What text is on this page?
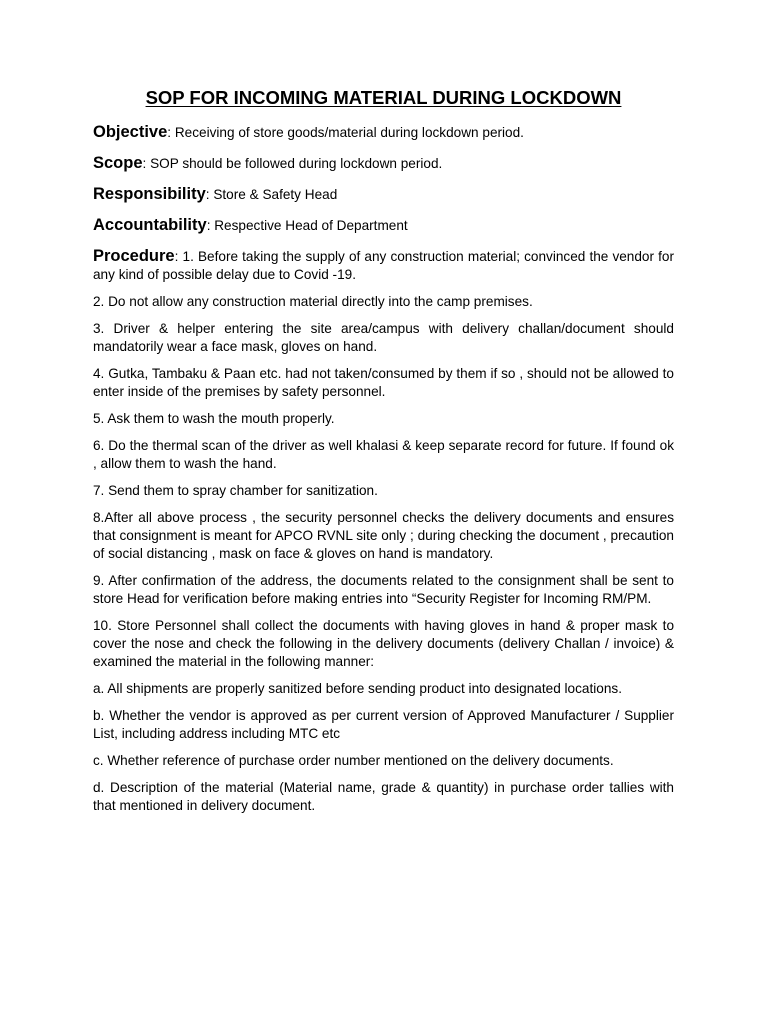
SOP FOR INCOMING MATERIAL DURING LOCKDOWN
Objective: Receiving of store goods/material during lockdown period.
Scope: SOP should be followed during lockdown period.
Responsibility: Store & Safety Head
Accountability: Respective Head of Department
Procedure: 1. Before taking the supply of any construction material; convinced the vendor for any kind of possible delay due to Covid -19.
2. Do not allow any construction material directly into the camp premises.
3. Driver & helper entering the site area/campus with delivery challan/document should mandatorily wear a face mask, gloves on hand.
4. Gutka, Tambaku & Paan etc. had not taken/consumed by them if so , should not be allowed to enter inside of the premises by safety personnel.
5. Ask them to wash the mouth properly.
6. Do the thermal scan of the driver as well khalasi & keep separate record for future. If found ok , allow them to wash the hand.
7. Send them to spray chamber for sanitization.
8.After all above process , the security personnel checks the delivery documents and ensures that consignment is meant for APCO RVNL site only ; during checking the document , precaution of social distancing , mask on face & gloves on hand is mandatory.
9. After confirmation of the address, the documents related to the consignment shall be sent to store Head for verification before making entries into “Security Register for Incoming RM/PM.
10. Store Personnel shall collect the documents with having gloves in hand & proper mask to cover the nose and check the following in the delivery documents (delivery Challan / invoice) & examined the material in the following manner:
a. All shipments are properly sanitized before sending product into designated locations.
b. Whether the vendor is approved as per current version of Approved Manufacturer / Supplier List, including address including MTC etc
c. Whether reference of purchase order number mentioned on the delivery documents.
d. Description of the material (Material name, grade & quantity) in purchase order tallies with that mentioned in delivery document.
